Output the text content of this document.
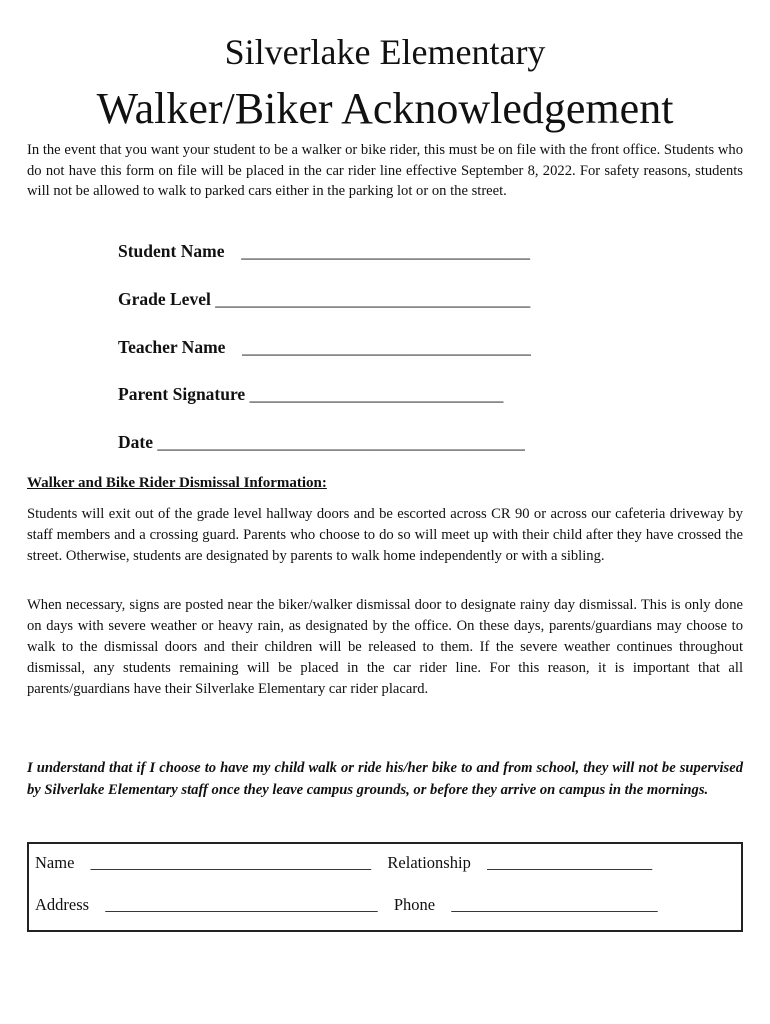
Silverlake Elementary
Walker/Biker Acknowledgement

In the event that you want your student to be a walker or bike rider, this must be on file with the front office. Students who do not have this form on file will be placed in the car rider line effective September 8, 2022. For safety reasons, students will not be allowed to walk to parked cars either in the parking lot or on the street.

Student Name _________________________________
Grade Level ____________________________________
Teacher Name _________________________________
Parent Signature _____________________________
Date __________________________________________

Walker and Bike Rider Dismissal Information:

Students will exit out of the grade level hallway doors and be escorted across CR 90 or across our cafeteria driveway by staff members and a crossing guard. Parents who choose to do so will meet up with their child after they have crossed the street. Otherwise, students are designated by parents to walk home independently or with a sibling.

When necessary, signs are posted near the biker/walker dismissal door to designate rainy day dismissal. This is only done on days with severe weather or heavy rain, as designated by the office. On these days, parents/guardians may choose to walk to the dismissal doors and their children will be released to them. If the severe weather continues throughout dismissal, any students remaining will be placed in the car rider line. For this reason, it is important that all parents/guardians have their Silverlake Elementary car rider placard.

I understand that if I choose to have my child walk or ride his/her bike to and from school, they will not be supervised by Silverlake Elementary staff once they leave campus grounds, or before they arrive on campus in the mornings.

Name __________________________________ Relationship ____________________
Address _________________________________ Phone _________________________
